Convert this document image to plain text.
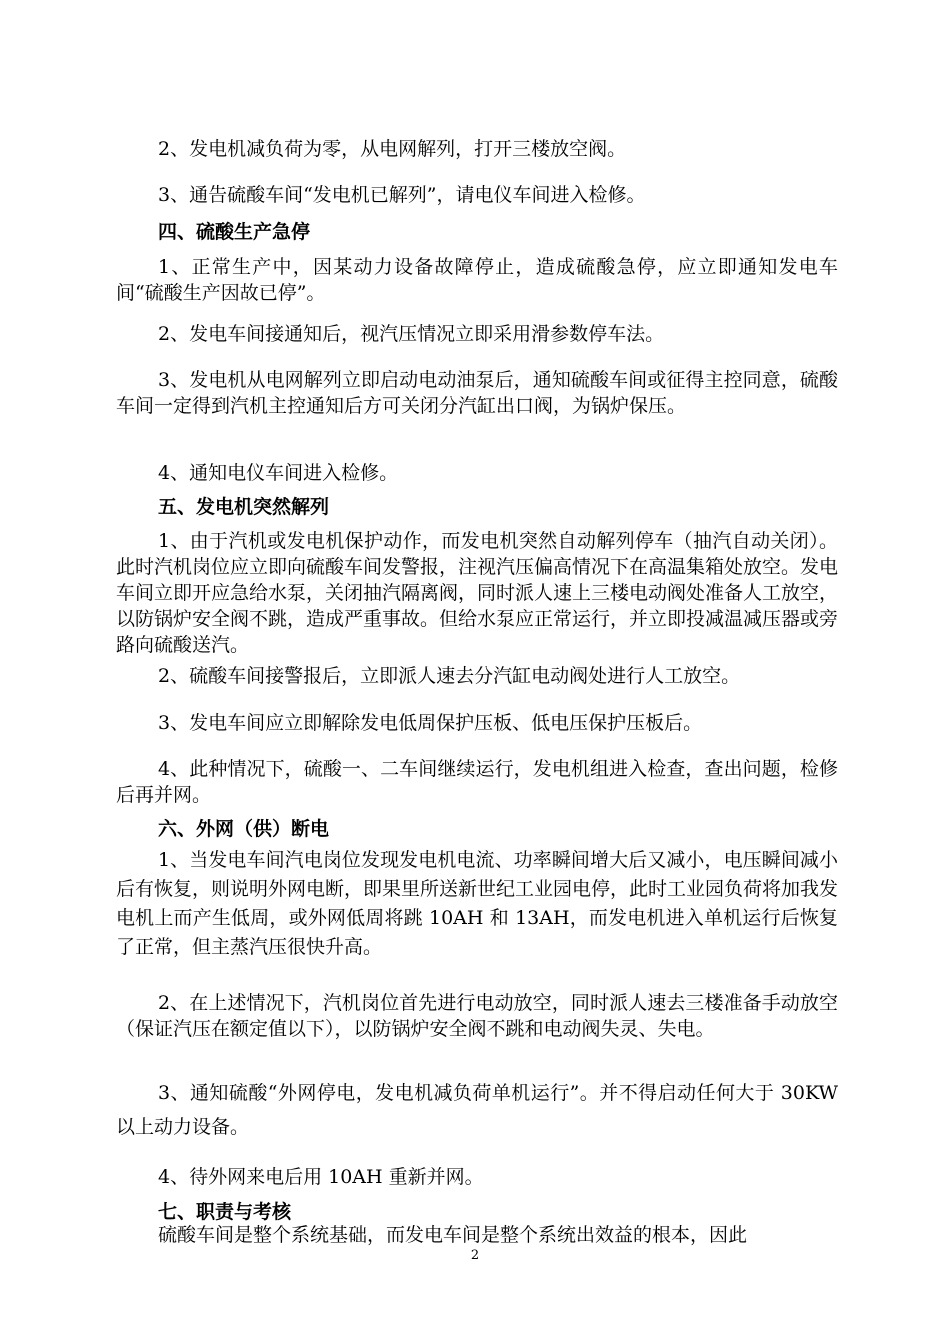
2、发电机减负荷为零，从电网解列，打开三楼放空阀。
3、通告硫酸车间“发电机已解列”，请电仪车间进入检修。
四、硫酸生产急停
1、正常生产中，因某动力设备故障停止，造成硫酸急停，应立即通知发电车间“硫酸生产因故已停”。
2、发电车间接通知后，视汽压情况立即采用滑参数停车法。
3、发电机从电网解列立即启动电动油泵后，通知硫酸车间或征得主控同意，硫酸车间一定得到汽机主控通知后方可关闭分汽缸出口阀，为锅炉保压。
4、通知电仪车间进入检修。
五、发电机突然解列
1、由于汽机或发电机保护动作，而发电机突然自动解列停车（抽汽自动关闭）。此时汽机岗位应立即向硫酸车间发警报，注视汽压偏高情况下在高温集箱处放空。发电车间立即开应急给水泵，关闭抽汽隔离阀，同时派人速上三楼电动阀处准备人工放空，以防锅炉安全阀不跳，造成严重事故。但给水泵应正常运行，并立即投减温减压器或旁路向硫酸送汽。
2、硫酸车间接警报后，立即派人速去分汽缸电动阀处进行人工放空。
3、发电车间应立即解除发电低周保护压板、低电压保护压板后。
4、此种情况下，硫酸一、二车间继续运行，发电机组进入检查，查出问题，检修后再并网。
六、外网（供）断电
1、当发电车间汽电岗位发现发电机电流、功率瞬间增大后又减小，电压瞬间减小后有恢复，则说明外网电断，即果里所送新世纪工业园电停，此时工业园负荷将加我发电机上而产生低周，或外网低周将跳 10AH 和 13AH，而发电机进入单机运行后恢复了正常，但主蒸汽压很快升高。
2、在上述情况下，汽机岗位首先进行电动放空，同时派人速去三楼准备手动放空（保证汽压在额定值以下），以防锅炉安全阀不跳和电动阀失灵、失电。
3、通知硫酸“外网停电，发电机减负荷单机运行”。并不得启动任何大于 30KW 以上动力设备。
4、待外网来电后用 10AH 重新并网。
七、职责与考核
硫酸车间是整个系统基础，而发电车间是整个系统出效益的根本，因此
2
